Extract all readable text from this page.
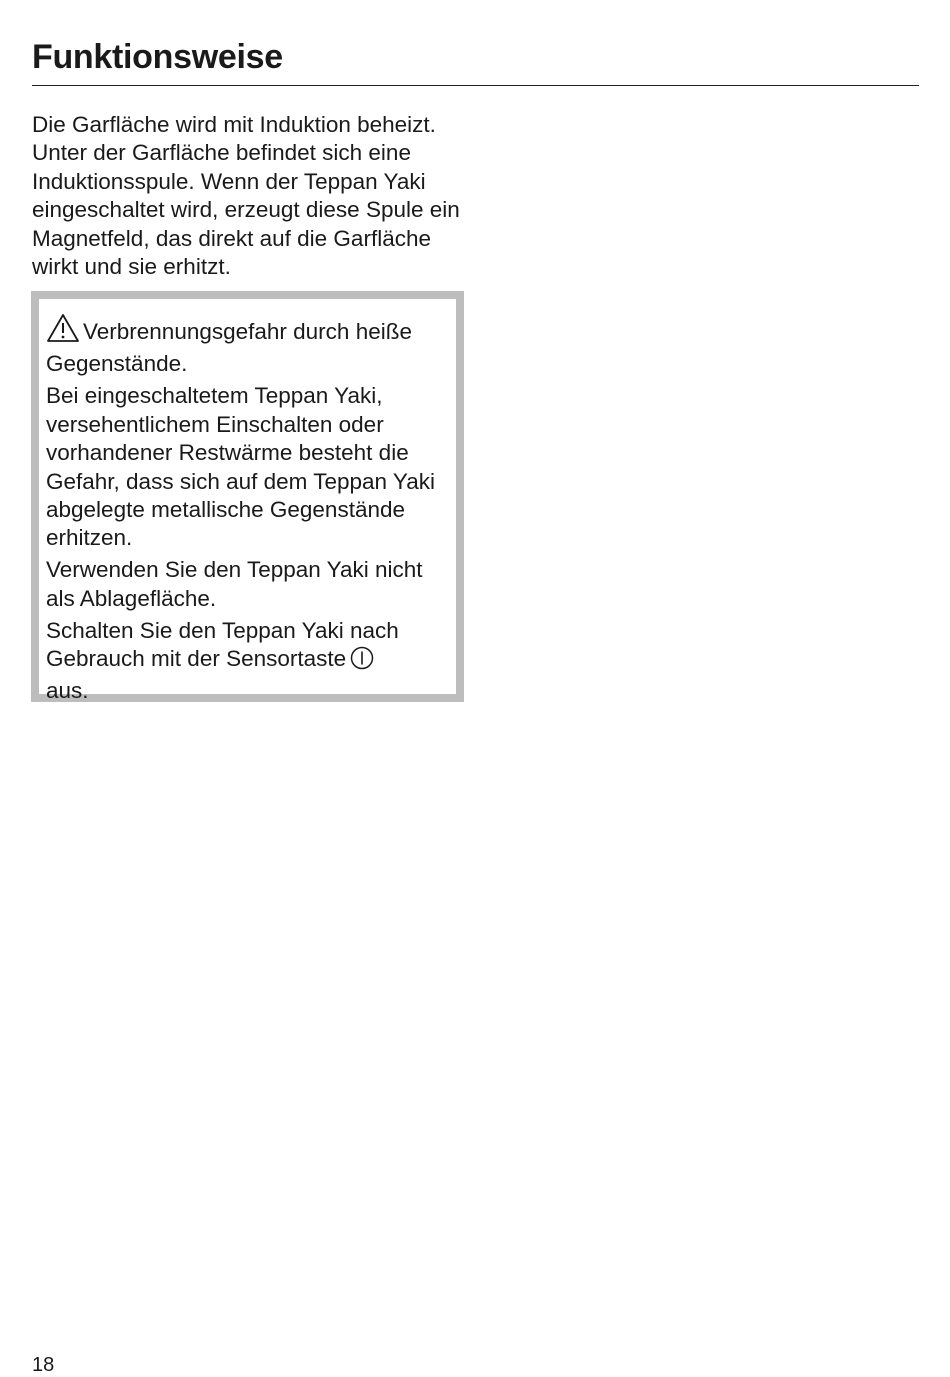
Funktionsweise

Die Garfläche wird mit Induktion beheizt. Unter der Garfläche befindet sich eine Induktionsspule. Wenn der Teppan Yaki eingeschaltet wird, erzeugt diese Spule ein Magnetfeld, das direkt auf die Garfläche wirkt und sie erhitzt.

Verbrennungsgefahr durch heiße Gegenstände.

Bei eingeschaltetem Teppan Yaki, versehentlichem Einschalten oder vorhandener Restwärme besteht die Gefahr, dass sich auf dem Teppan Yaki abgelegte metallische Gegenstände erhitzen.

Verwenden Sie den Teppan Yaki nicht als Ablagefläche.

Schalten Sie den Teppan Yaki nach Gebrauch mit der Sensortaste
aus.

18
